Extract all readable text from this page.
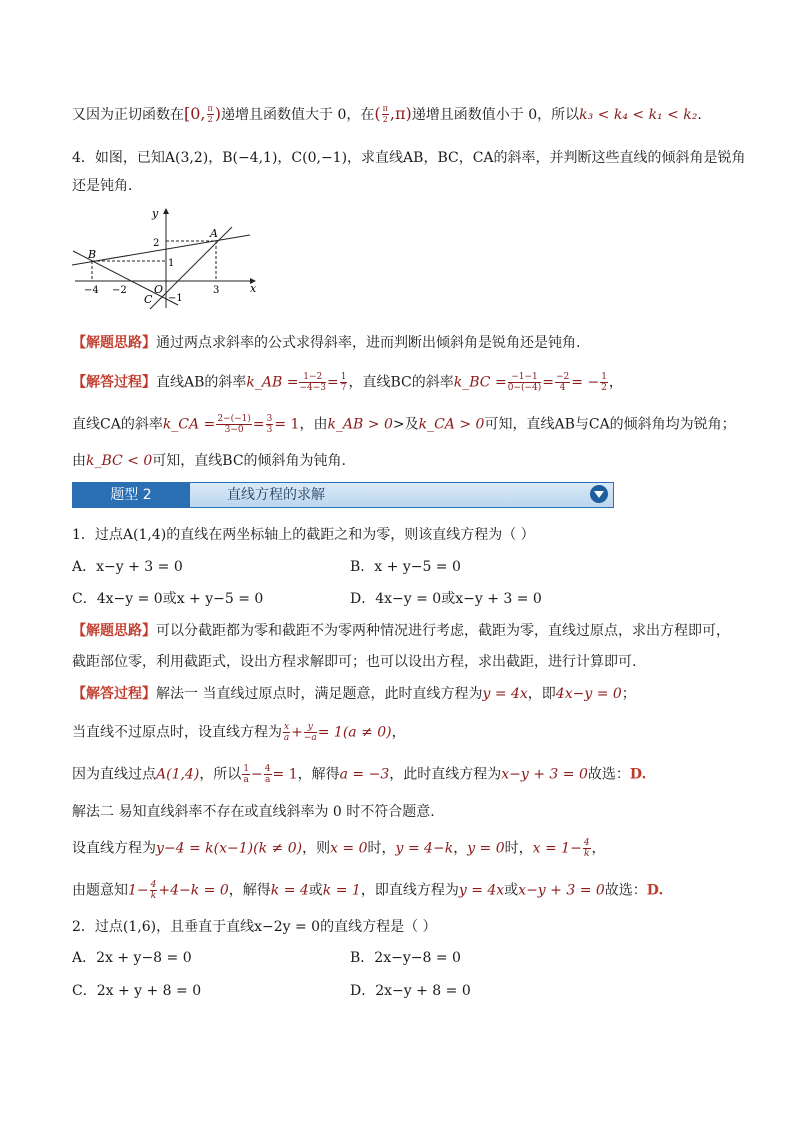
又因为正切函数在[0, $\frac{\pi}{2}$ )递增且函数值大于 0，在( $\frac{\pi}{2} ,\pi$)递增且函数值小于 0，所以k₃ < k₄ < k₁ < k₂.
4．如图，已知A(3,2)，B(−4,1)，C(0,−1)，求直线AB，BC，CA的斜率，并判断这些直线的倾斜角是锐角
还是钝角．
x
y
O
A
B
C
−4 −2	3
2
1
−1
【解题思路】通过两点求斜率的公式求得斜率，进而判断出倾斜角是锐角还是钝角.
【解答过程】直线AB的斜率k_AB = $\frac{1-2}{-4-3} = \frac{1}{7}$ ，直线BC的斜率k_BC = $\frac{-1-1}{0-(-4)} = \frac{-2}{4}$ = − $\frac{1}{2}$ ，
直线CA的斜率k_CA = $\frac{2-(-1)}{3-0} = \frac{3}{3} = 1$，由k_AB > 0>及k_CA > 0可知，直线AB与CA的倾斜角均为锐角；
由k_BC < 0可知，直线BC的倾斜角为钝角.
直线方程的求解
题型 2
1．过点A(1,4)的直线在两坐标轴上的截距之和为零，则该直线方程为（ ）
A．x−y + 3 = 0	B．x + y−5 = 0
C．4x−y = 0或x + y−5 = 0	D．4x−y = 0或x−y + 3 = 0
【解题思路】可以分截距都为零和截距不为零两种情况进行考虑，截距为零，直线过原点，求出方程即可，
截距部位零，利用截距式，设出方程求解即可；也可以设出方程，求出截距，进行计算即可.
【解答过程】解法一 当直线过原点时，满足题意，此时直线方程为y = 4x，即4x−y = 0；
当直线不过原点时，设直线方程为 $\frac{x}{a} + \frac{y}{-a} = 1(a \ne 0)$，
因为直线过点A(1,4)，所以 $\frac{1}{a} - \frac{4}{a} = 1$，解得a = −3，此时直线方程为x−y + 3 = 0故选：D.
解法二 易知直线斜率不存在或直线斜率为 0 时不符合题意.
设直线方程为y−4 = k(x−1)(k ≠ 0)，则x = 0时，y = 4−k，y = 0时，$x = 1- \frac{4}{k}$ ，
由题意知$1- \frac{4}{k} +4-k = 0$，解得k = 4或k = 1，即直线方程为y = 4x或x−y + 3 = 0故选：D.
2．过点(1,6)，且垂直于直线x−2y = 0的直线方程是（ ）
A．2x + y−8 = 0	B．2x−y−8 = 0
C．2x + y + 8 = 0	D．2x−y + 8 = 0
